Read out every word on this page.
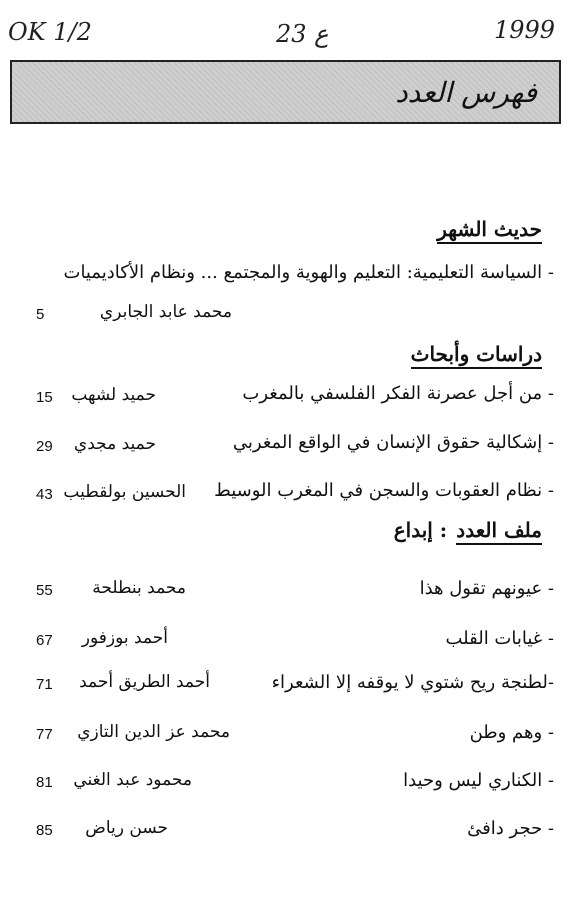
OK 1/2	23 ع	1999
فهرس العدد
حديث الشهر
- السياسة التعليمية: التعليم والهوية والمجتمع ... ونظام الأكاديميات
محمد عابد الجابري
5
دراسات وأبحاث
- من أجل عصرنة الفكر الفلسفي بالمغرب
حميد لشهب
15
- إشكالية حقوق الإنسان في الواقع المغربي
حميد مجدي
29
- نظام العقوبات والسجن في المغرب الوسيط
الحسين بولقطيب
43
ملف العدد
: إبداع
- عيونهم تقول هذا
محمد بنطلحة
55
- غيابات القلب
أحمد بوزفور
67
-لطنجة ريح شتوي لا يوقفه إلا الشعراء
أحمد الطريق أحمد
71
- وهم وطن
محمد عز الدين التازي
77
- الكناري ليس وحيدا
محمود عبد الغني
81
- حجر دافئ
حسن رياض
85
